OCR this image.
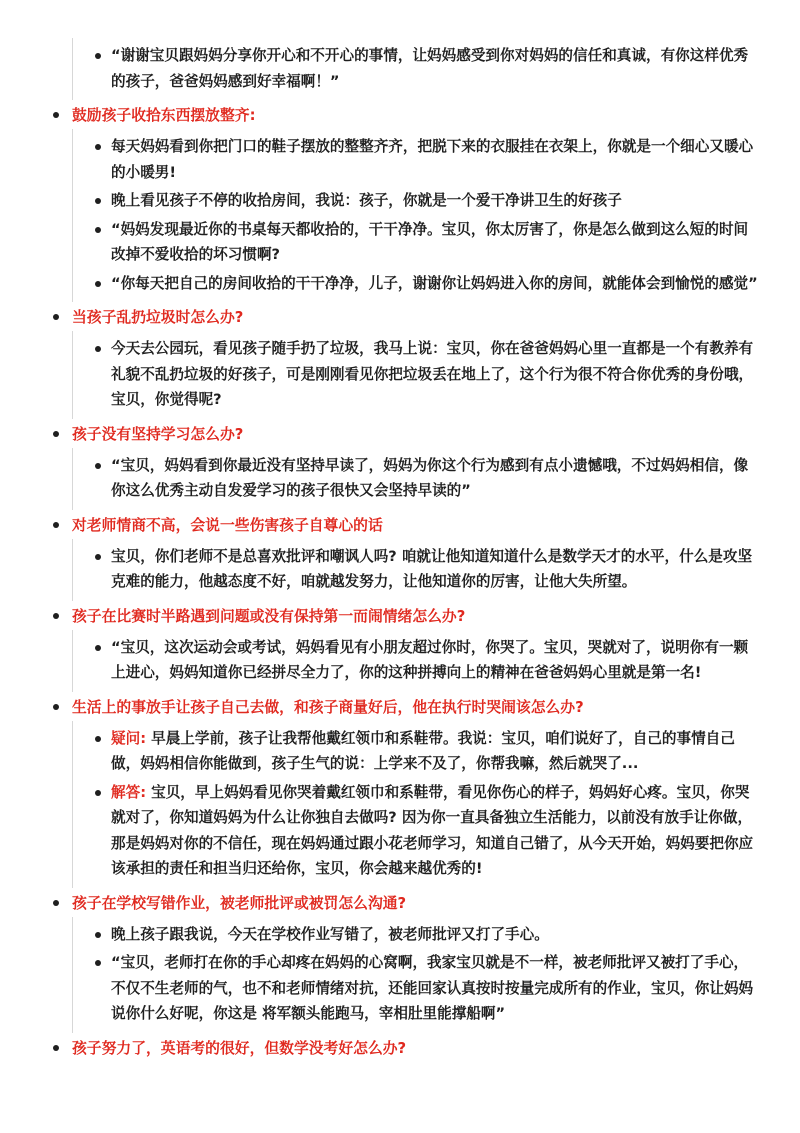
“谢谢宝贝跟妈妈分享你开心和不开心的事情，让妈妈感受到你对妈妈的信任和真诚，有你这样优秀的孩子，爸爸妈妈感到好幸福啊！”
鼓励孩子收拾东西摆放整齐:
每天妈妈看到你把门口的鞋子摆放的整整齐齐，把脱下来的衣服挂在衣架上，你就是一个细心又暖心的小暖男!
晚上看见孩子不停的收拾房间，我说：孩子，你就是一个爱干净讲卫生的好孩子
“妈妈发现最近你的书桌每天都收拾的，干干净净。宝贝，你太厉害了，你是怎么做到这么短的时间改掉不爱收拾的坏习惯啊?
“你每天把自己的房间收拾的干干净净，儿子，谢谢你让妈妈进入你的房间，就能体会到愉悦的感觉”
当孩子乱扔垃圾时怎么办?
今天去公园玩，看见孩子随手扔了垃圾，我马上说：宝贝，你在爸爸妈妈心里一直都是一个有教养有礼貌不乱扔垃圾的好孩子，可是刚刚看见你把垃圾丢在地上了，这个行为很不符合你优秀的身份哦，宝贝，你觉得呢?
孩子没有坚持学习怎么办?
“宝贝，妈妈看到你最近没有坚持早读了，妈妈为你这个行为感到有点小遗憾哦，不过妈妈相信，像你这么优秀主动自发爱学习的孩子很快又会坚持早读的”
对老师情商不高，会说一些伤害孩子自尊心的话
宝贝，你们老师不是总喜欢批评和嘲讽人吗? 咱就让他知道知道什么是数学天才的水平，什么是攻坚克难的能力，他越态度不好，咱就越发努力，让他知道你的厉害，让他大失所望。
孩子在比赛时半路遇到问题或没有保持第一而闹情绪怎么办?
“宝贝，这次运动会或考试，妈妈看见有小朋友超过你时，你哭了。宝贝，哭就对了，说明你有一颗上进心，妈妈知道你已经拼尽全力了，你的这种拼搏向上的精神在爸爸妈妈心里就是第一名!
生活上的事放手让孩子自己去做，和孩子商量好后，他在执行时哭闹该怎么办?
疑问: 早晨上学前，孩子让我帮他戴红领巾和系鞋带。我说：宝贝，咱们说好了，自己的事情自己做，妈妈相信你能做到，孩子生气的说：上学来不及了，你帮我嘛，然后就哭了...
解答: 宝贝，早上妈妈看见你哭着戴红领巾和系鞋带，看见你伤心的样子，妈妈好心疼。宝贝，你哭就对了，你知道妈妈为什么让你独自去做吗? 因为你一直具备独立生活能力，以前没有放手让你做，那是妈妈对你的不信任，现在妈妈通过跟小花老师学习，知道自己错了，从今天开始，妈妈要把你应该承担的责任和担当归还给你，宝贝，你会越来越优秀的!
孩子在学校写错作业，被老师批评或被罚怎么沟通?
晚上孩子跟我说，今天在学校作业写错了，被老师批评又打了手心。
“宝贝，老师打在你的手心却疼在妈妈的心窝啊，我家宝贝就是不一样，被老师批评又被打了手心，不仅不生老师的气，也不和老师情绪对抗，还能回家认真按时按量完成所有的作业，宝贝，你让妈妈说你什么好呢，你这是 将军额头能跑马，宰相肚里能撑船啊”
孩子努力了，英语考的很好，但数学没考好怎么办?
